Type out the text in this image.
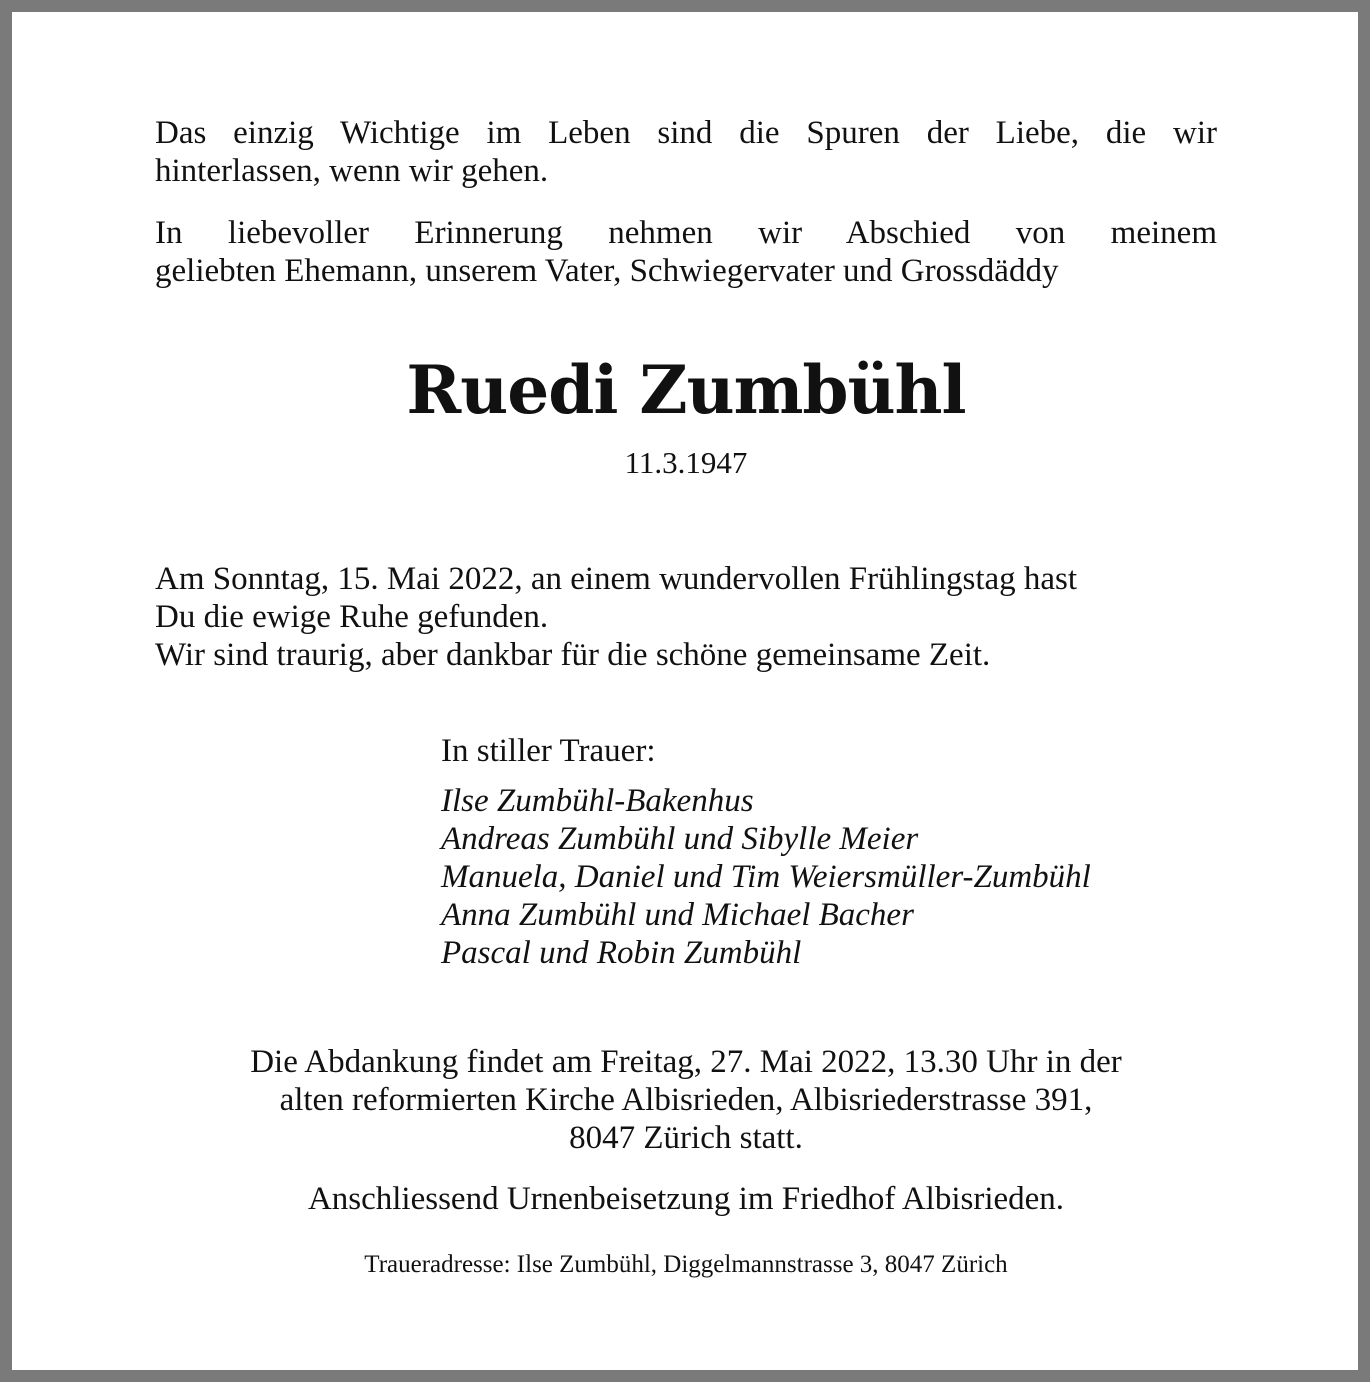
Das einzig Wichtige im Leben sind die Spuren der Liebe, die wir
hinterlassen, wenn wir gehen.
In liebevoller Erinnerung nehmen wir Abschied von meinem
geliebten Ehemann, unserem Vater, Schwiegervater und Grossdäddy
Ruedi Zumbühl
11.3.1947
Am Sonntag, 15. Mai 2022, an einem wundervollen Frühlingstag hast
Du die ewige Ruhe gefunden.
Wir sind traurig, aber dankbar für die schöne gemeinsame Zeit.
In stiller Trauer:
Ilse Zumbühl-Bakenhus
Andreas Zumbühl und Sibylle Meier
Manuela, Daniel und Tim Weiersmüller-Zumbühl
Anna Zumbühl und Michael Bacher
Pascal und Robin Zumbühl
Die Abdankung findet am Freitag, 27. Mai 2022, 13.30 Uhr in der
alten reformierten Kirche Albisrieden, Albisriederstrasse 391,
8047 Zürich statt.
Anschliessend Urnenbeisetzung im Friedhof Albisrieden.
Traueradresse: Ilse Zumbühl, Diggelmannstrasse 3, 8047 Zürich
